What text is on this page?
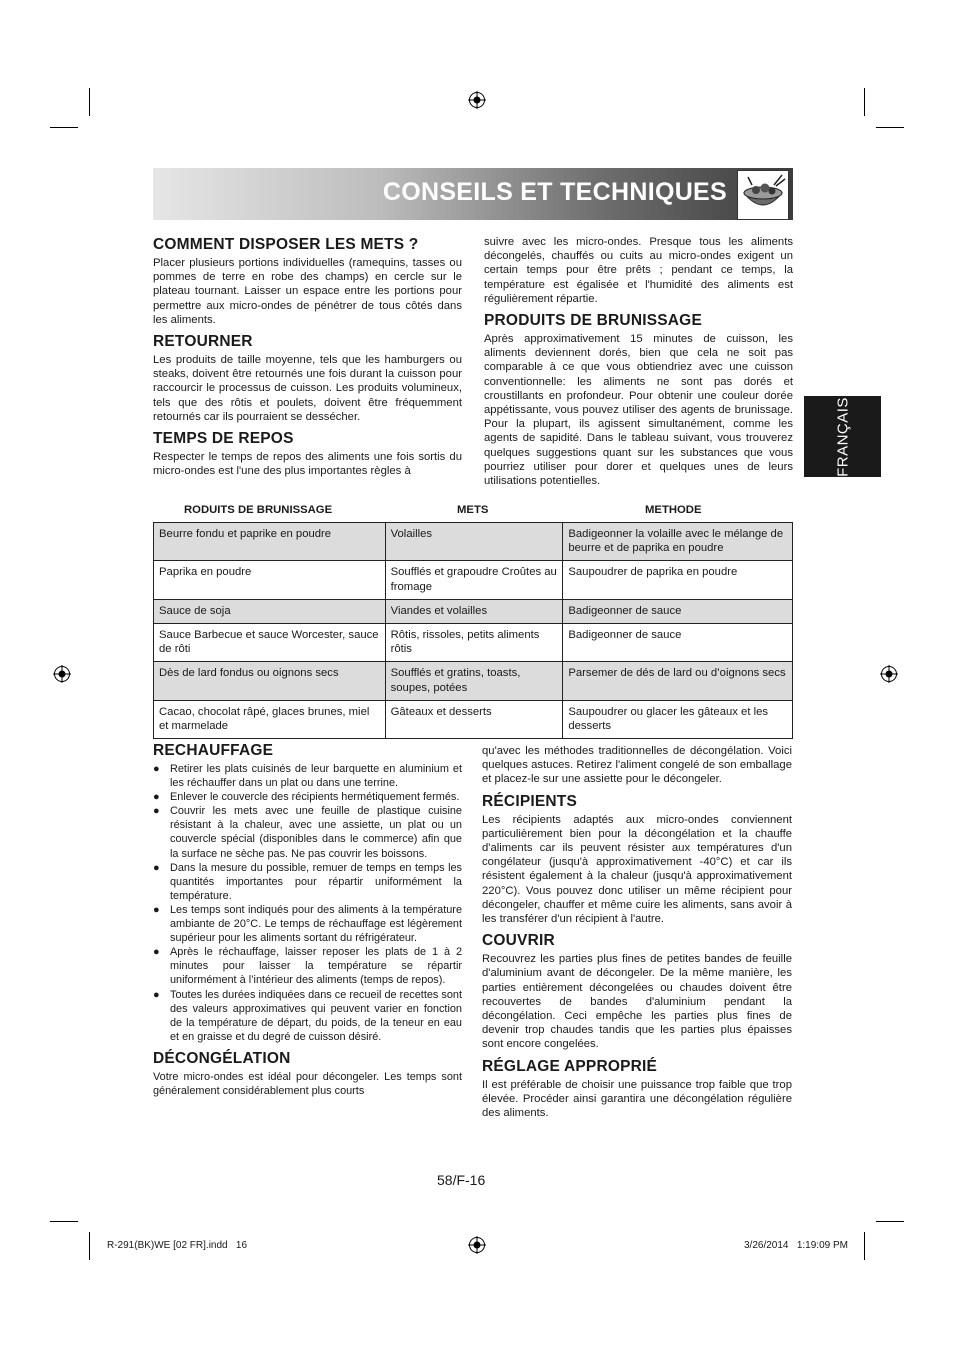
CONSEILS ET TECHNIQUES
FRANÇAIS
COMMENT DISPOSER LES METS ?

Placer plusieurs portions individuelles (ramequins, tasses ou pommes de terre en robe des champs) en cercle sur le plateau tournant. Laisser un espace entre les portions pour permettre aux micro-ondes de pénétrer de tous côtés dans les aliments.

RETOURNER

Les produits de taille moyenne, tels que les hamburgers ou steaks, doivent être retournés une fois durant la cuisson pour raccourcir le processus de cuisson. Les produits volumineux, tels que des rôtis et poulets, doivent être fréquemment retournés car ils pourraient se dessécher.

TEMPS DE REPOS

Respecter le temps de repos des aliments une fois sortis du micro-ondes est l'une des plus importantes règles à

suivre avec les micro-ondes. Presque tous les aliments décongelés, chauffés ou cuits au micro-ondes exigent un certain temps pour être prêts ; pendant ce temps, la température est égalisée et l'humidité des aliments est régulièrement répartie.

PRODUITS DE BRUNISSAGE

Après approximativement 15 minutes de cuisson, les aliments deviennent dorés, bien que cela ne soit pas comparable à ce que vous obtiendriez avec une cuisson conventionnelle: les aliments ne sont pas dorés et croustillants en profondeur. Pour obtenir une couleur dorée appétissante, vous pouvez utiliser des agents de brunissage. Pour la plupart, ils agissent simultanément, comme les agents de sapidité. Dans le tableau suivant, vous trouverez quelques suggestions quant sur les substances que vous pourriez utiliser pour dorer et quelques unes de leurs utilisations potentielles.

RODUITS DE BRUNISSAGE	METS	METHODE
Beurre fondu et paprike en poudre	Volailles	Badigeonner la volaille avec le mélange de beurre et de paprika en poudre
Paprika en poudre	Soufflés et grapoudre Croûtes au fromage	Saupoudrer de paprika en poudre
Sauce de soja	Viandes et volailles	Badigeonner de sauce
Sauce Barbecue et sauce Worcester, sauce de rôti	Rôtis, rissoles, petits aliments rôtis	Badigeonner de sauce
Dès de lard fondus ou oignons secs	Soufflés et gratins, toasts, soupes, potées	Parsemer de dés de lard ou d’oignons secs
Cacao, chocolat râpé, glaces brunes, miel et marmelade	Gâteaux et desserts	Saupoudrer ou glacer les gâteaux et les desserts
RECHAUFFAGE
● Retirer les plats cuisinés de leur barquette en aluminium et les réchauffer dans un plat ou dans une terrine.
● Enlever le couvercle des récipients hermétiquement fermés.
● Couvrir les mets avec une feuille de plastique cuisine résistant à la chaleur, avec une assiette, un plat ou un couvercle spécial (disponibles dans le commerce) afin que la surface ne sèche pas. Ne pas couvrir les boissons.
● Dans la mesure du possible, remuer de temps en temps les quantités importantes pour répartir uniformément la température.
● Les temps sont indiqués pour des aliments à la température ambiante de 20°C. Le temps de réchauffage est légèrement supérieur pour les aliments sortant du réfrigérateur.
● Après le réchauffage, laisser reposer les plats de 1 à 2 minutes pour laisser la température se répartir uniformément à l’intérieur des aliments (temps de repos).
● Toutes les durées indiquées dans ce recueil de recettes sont des valeurs approximatives qui peuvent varier en fonction de la température de départ, du poids, de la teneur en eau et en graisse et du degré de cuisson désiré.
DÉCONGÉLATION

Votre micro-ondes est idéal pour décongeler. Les temps sont généralement considérablement plus courts

qu'avec les méthodes traditionnelles de décongélation. Voici quelques astuces. Retirez l'aliment congelé de son emballage et placez-le sur une assiette pour le décongeler.

RÉCIPIENTS

Les récipients adaptés aux micro-ondes conviennent particulièrement bien pour la décongélation et la chauffe d'aliments car ils peuvent résister aux températures d'un congélateur (jusqu'à approximativement -40°C) et car ils résistent également à la chaleur (jusqu'à approximativement 220°C). Vous pouvez donc utiliser un même récipient pour décongeler, chauffer et même cuire les aliments, sans avoir à les transférer d'un récipient à l'autre.

COUVRIR

Recouvrez les parties plus fines de petites bandes de feuille d'aluminium avant de décongeler. De la même manière, les parties entièrement décongelées ou chaudes doivent être recouvertes de bandes d'aluminium pendant la décongélation. Ceci empêche les parties plus fines de devenir trop chaudes tandis que les parties plus épaisses sont encore congelées.

RÉGLAGE APPROPRIÉ

Il est préférable de choisir une puissance trop faible que trop élevée. Procéder ainsi garantira une décongélation régulière des aliments.

58/F-16
R-291(BK)WE [02 FR].indd   16	3/26/2014   1:19:09 PM
